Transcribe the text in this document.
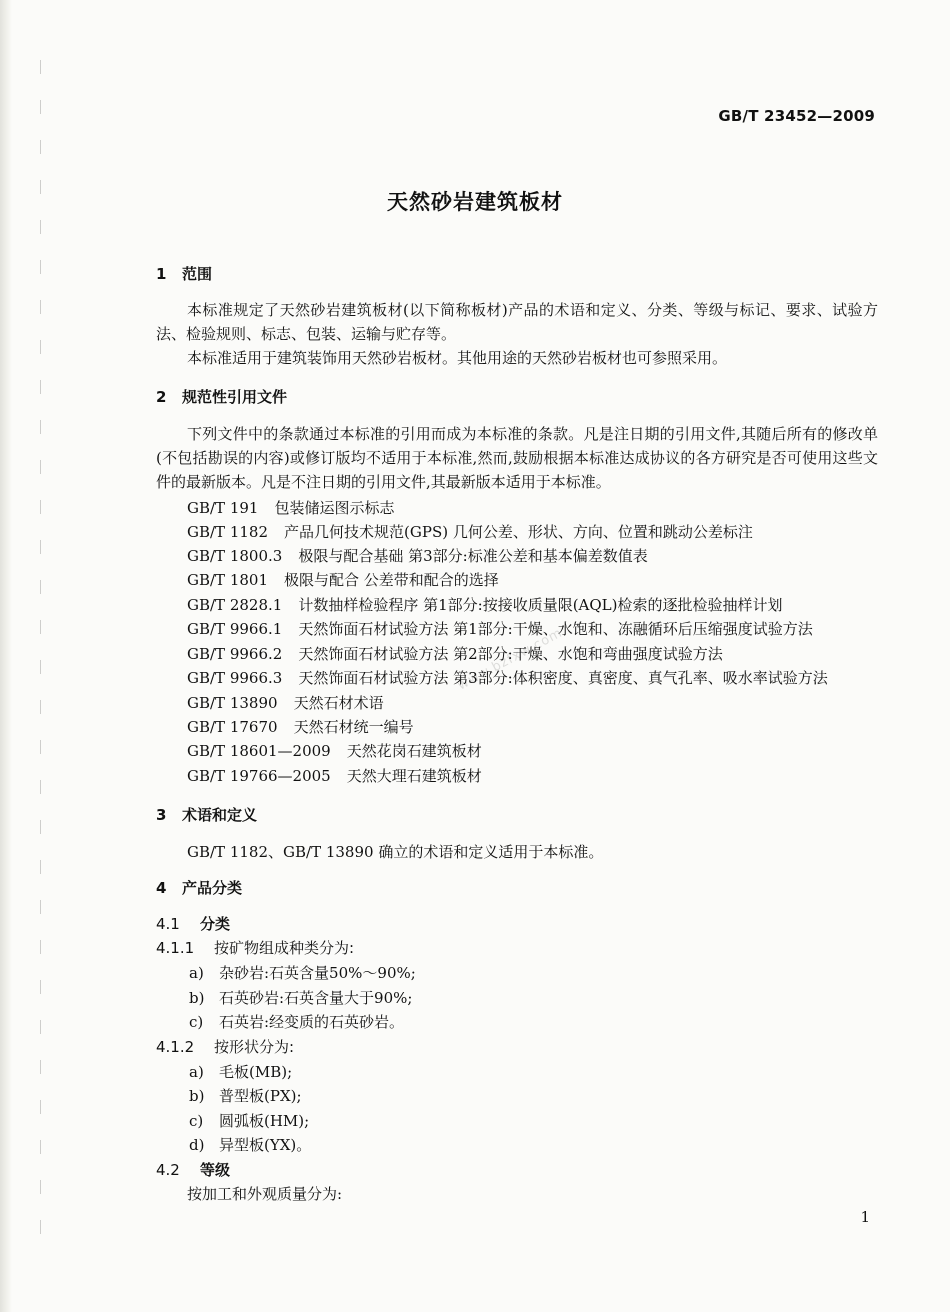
GB/T 23452—2009
天然砂岩建筑板材
1 范围
本标准规定了天然砂岩建筑板材(以下简称板材)产品的术语和定义、分类、等级与标记、要求、试验方法、检验规则、标志、包装、运输与贮存等。
本标准适用于建筑装饰用天然砂岩板材。其他用途的天然砂岩板材也可参照采用。
2 规范性引用文件
下列文件中的条款通过本标准的引用而成为本标准的条款。凡是注日期的引用文件,其随后所有的修改单(不包括勘误的内容)或修订版均不适用于本标准,然而,鼓励根据本标准达成协议的各方研究是否可使用这些文件的最新版本。凡是不注日期的引用文件,其最新版本适用于本标准。
GB/T 191 包装储运图示标志
GB/T 1182 产品几何技术规范(GPS) 几何公差、形状、方向、位置和跳动公差标注
GB/T 1800.3 极限与配合基础 第3部分:标准公差和基本偏差数值表
GB/T 1801 极限与配合 公差带和配合的选择
GB/T 2828.1 计数抽样检验程序 第1部分:按接收质量限(AQL)检索的逐批检验抽样计划
GB/T 9966.1 天然饰面石材试验方法 第1部分:干燥、水饱和、冻融循环后压缩强度试验方法
GB/T 9966.2 天然饰面石材试验方法 第2部分:干燥、水饱和弯曲强度试验方法
GB/T 9966.3 天然饰面石材试验方法 第3部分:体积密度、真密度、真气孔率、吸水率试验方法
GB/T 13890 天然石材术语
GB/T 17670 天然石材统一编号
GB/T 18601—2009 天然花岗石建筑板材
GB/T 19766—2005 天然大理石建筑板材
3 术语和定义
GB/T 1182、GB/T 13890 确立的术语和定义适用于本标准。
4 产品分类
4.1 分类
4.1.1 按矿物组成种类分为:
a) 杂砂岩:石英含量50%～90%;
b) 石英砂岩:石英含量大于90%;
c) 石英岩:经变质的石英砂岩。
4.1.2 按形状分为:
a) 毛板(MB);
b) 普型板(PX);
c) 圆弧板(HM);
d) 异型板(YX)。
4.2 等级
按加工和外观质量分为:
1
www.bzfxw.com
